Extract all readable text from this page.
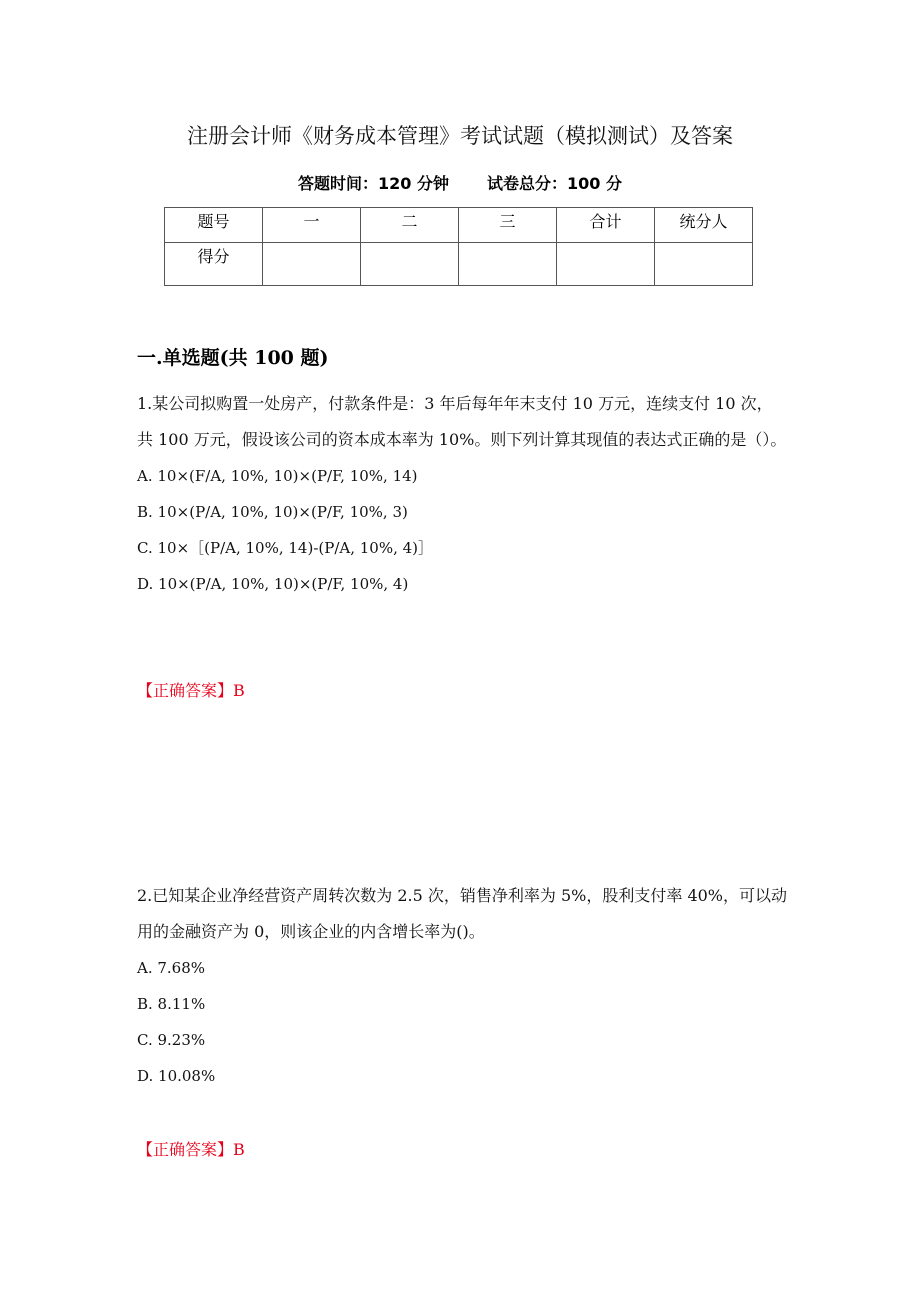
注册会计师《财务成本管理》考试试题（模拟测试）及答案
答题时间：120 分钟 试卷总分：100 分
题号	一	二	三	合计	统分人
得分					
一.单选题(共 100 题)

1.某公司拟购置一处房产，付款条件是：3 年后每年年末支付 10 万元，连续支付 10 次，共 100 万元，假设该公司的资本成本率为 10%。则下列计算其现值的表达式正确的是（）。

A. 10×(F/A, 10%, 10)×(P/F, 10%, 14)

B. 10×(P/A, 10%, 10)×(P/F, 10%, 3)

C. 10×［(P/A, 10%, 14)-(P/A, 10%, 4)］

D. 10×(P/A, 10%, 10)×(P/F, 10%, 4)

【正确答案】B

2.已知某企业净经营资产周转次数为 2.5 次，销售净利率为 5%，股利支付率 40%，可以动用的金融资产为 0，则该企业的内含增长率为()。

A. 7.68%

B. 8.11%

C. 9.23%

D. 10.08%

【正确答案】B
